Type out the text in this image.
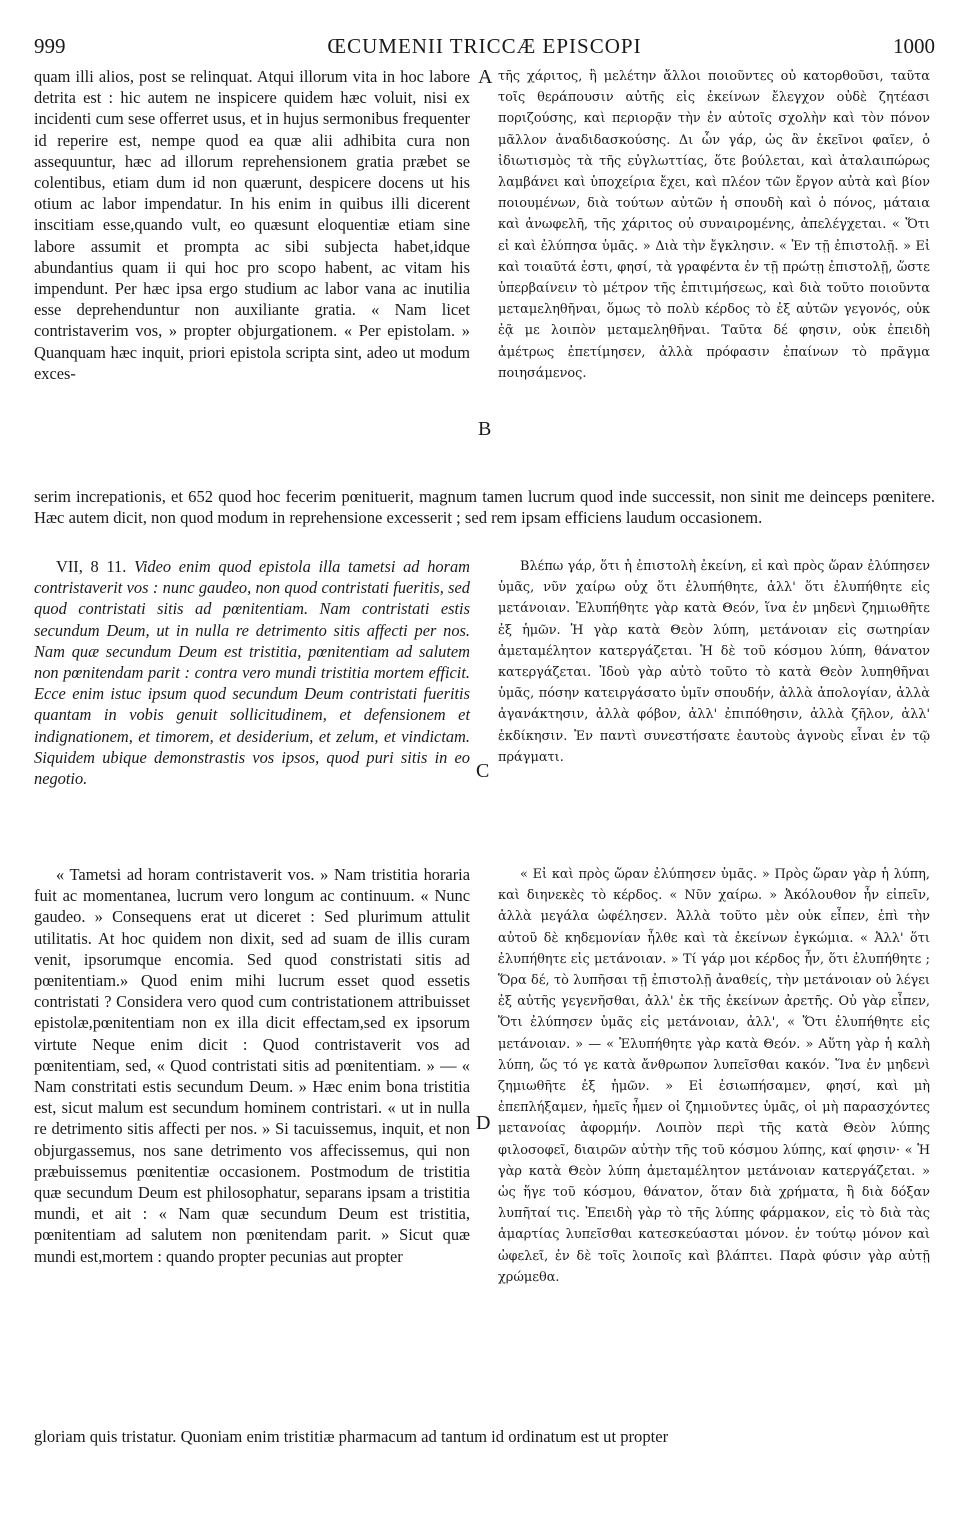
999	ŒCUMENII TRICCÆ EPISCOPI	1000

quam illi alios, post se relinquat. Atqui illorum vita in hoc labore detrita est : hic autem ne inspicere quidem hæc voluit, nisi ex incidenti cum sese offerret usus, et in hujus sermonibus frequenter id reperire est, nempe quod ea quæ alii adhibita cura non assequuntur, hæc ad illorum reprehensionem gratia præbet se colentibus, etiam dum id non quærunt, despicere docens ut his otium ac labor impendatur. In his enim in quibus illi dicerent inscitiam esse,quando vult, eo quæsunt eloquentiæ etiam sine labore assumit et prompta ac sibi subjecta habet,idque abundantius quam ii qui hoc pro scopo habent, ac vitam his impendunt. Per hæc ipsa ergo studium ac labor vana ac inutilia esse deprehenduntur non auxiliante gratia. « Nam licet contristaverim vos, » propter objurgationem. « Per epistolam. » Quanquam hæc inquit, priori epistola scripta sint, adeo ut modum exces-

A
B

τῆς χάριτος, ἣ μελέτην ἄλλοι ποιοῦντες οὐ κατορθοῦσι, ταῦτα τοῖς θεράπουσιν αὐτῆς εἰς ἐκείνων ἔλεγχον οὐδὲ ζητέασι ποριζούσης, καὶ περιορᾷν τὴν ἐν αὐτοῖς σχολὴν καὶ τὸν πόνον μᾶλλον ἀναδιδασκούσης. Δι ὧν γάρ, ὡς ἂν ἐκεῖνοι φαῖεν, ὁ ἰδιωτισμὸς τὰ τῆς εὐγλωττίας, ὅτε βούλεται, καὶ ἀταλαιπώρως λαμβάνει καὶ ὑποχείρια ἔχει, καὶ πλέον τῶν ἔργον αὐτὰ καὶ βίον ποιουμένων, διὰ τούτων αὐτῶν ἡ σπουδὴ καὶ ὁ πόνος, μάταια καὶ ἀνωφελῆ, τῆς χάριτος οὐ συναιρομένης, ἀπελέγχεται. « Ὅτι εἰ καὶ ἐλύπησα ὑμᾶς. » Διὰ τὴν ἔγκλησιν. « Ἐν τῇ ἐπιστολῇ. » Εἰ καὶ τοιαῦτά ἐστι, φησί, τὰ γραφέντα ἐν τῇ πρώτῃ ἐπιστολῇ, ὥστε ὑπερβαίνειν τὸ μέτρον τῆς ἐπιτιμήσεως, καὶ διὰ τοῦτο ποιοῦντα μεταμεληθῆναι, ὅμως τὸ πολὺ κέρδος τὸ ἐξ αὐτῶν γεγονός, οὐκ ἐᾷ με λοιπὸν μεταμεληθῆναι. Ταῦτα δέ φησιν, οὐκ ἐπειδὴ ἀμέτρως ἐπετίμησεν, ἀλλὰ πρόφασιν ἐπαίνων τὸ πρᾶγμα ποιησάμενος.

serim increpationis, et 652 quod hoc fecerim pœnituerit, magnum tamen lucrum quod inde successit, non sinit me deinceps pœnitere. Hæc autem dicit, non quod modum in reprehensione excesserit ; sed rem ipsam efficiens laudum occasionem.

VII, 8 11. Video enim quod epistola illa tametsi ad horam contristaverit vos : nunc gaudeo, non quod contristati fueritis, sed quod contristati sitis ad pœnitentiam. Nam contristati estis secundum Deum, ut in nulla re detrimento sitis affecti per nos. Nam quæ secundum Deum est tristitia, pœnitentiam ad salutem non pœnitendam parit : contra vero mundi tristitia mortem efficit. Ecce enim istuc ipsum quod secundum Deum contristati fueritis quantam in vobis genuit sollicitudinem, et defensionem et indignationem, et timorem, et desiderium, et zelum, et vindictam. Siquidem ubique demonstrastis vos ipsos, quod puri sitis in eo negotio.	C

Βλέπω γάρ, ὅτι ἡ ἐπιστολὴ ἐκείνη, εἰ καὶ πρὸς ὥραν ἐλύπησεν ὑμᾶς, νῦν χαίρω οὐχ ὅτι ἐλυπήθητε, ἀλλ' ὅτι ἐλυπήθητε εἰς μετάνοιαν. Ἐλυπήθητε γὰρ κατὰ Θεόν, ἵνα ἐν μηδενὶ ζημιωθῆτε ἐξ ἡμῶν. Ἡ γὰρ κατὰ Θεὸν λύπη, μετάνοιαν εἰς σωτηρίαν ἀμεταμέλητον κατεργάζεται. Ἡ δὲ τοῦ κόσμου λύπη, θάνατον κατεργάζεται. Ἰδοὺ γὰρ αὐτὸ τοῦτο τὸ κατὰ Θεὸν λυπηθῆναι ὑμᾶς, πόσην κατειργάσατο ὑμῖν σπουδήν, ἀλλὰ ἀπολογίαν, ἀλλὰ ἀγανάκτησιν, ἀλλὰ φόβον, ἀλλ' ἐπιπόθησιν, ἀλλὰ ζῆλον, ἀλλ' ἐκδίκησιν. Ἐν παντὶ συνεστήσατε ἑαυτοὺς ἁγνοὺς εἶναι ἐν τῷ πράγματι.

« Tametsi ad horam contristaverit vos. » Nam tristitia horaria fuit ac momentanea, lucrum vero longum ac continuum. « Nunc gaudeo. » Consequens erat ut diceret : Sed plurimum attulit utilitatis. At hoc quidem non dixit, sed ad suam de illis curam venit, ipsorumque encomia. Sed quod constristati sitis ad pœnitentiam.» Quod enim mihi lucrum esset quod essetis contristati ? Considera vero quod cum contristationem attribuisset epistolæ,pœnitentiam non ex illa dicit effectam,sed ex ipsorum virtute Neque enim dicit : Quod contristaverit vos ad pœnitentiam, sed, « Quod contristati sitis ad pœnitentiam. » — « Nam constritati estis secundum Deum. » Hæc enim bona tristitia est, sicut malum est secundum hominem contristari. « ut in nulla re detrimento sitis affecti per nos. » Si tacuissemus, inquit, et non objurgassemus, nos sane detrimento vos affecissemus, qui non præbuissemus pœnitentiæ occasionem. Postmodum de tristitia quæ secundum Deum est philosophatur, separans ipsam a tristitia mundi, et ait : « Nam quæ secundum Deum est tristitia, pœnitentiam ad salutem non pœnitendam parit. » Sicut quæ mundi est,mortem : quando propter pecunias aut propter

D

« Εἰ καὶ πρὸς ὥραν ἐλύπησεν ὑμᾶς. » Πρὸς ὥραν γὰρ ἡ λύπη, καὶ διηνεκὲς τὸ κέρδος. « Νῦν χαίρω. » Ἀκόλουθον ἦν εἰπεῖν, ἀλλὰ μεγάλα ὠφέλησεν. Ἀλλὰ τοῦτο μὲν οὐκ εἶπεν, ἐπὶ τὴν αὐτοῦ δὲ κηδεμονίαν ἦλθε καὶ τὰ ἐκείνων ἐγκώμια. « Ἀλλ' ὅτι ἐλυπήθητε εἰς μετάνοιαν. » Τί γάρ μοι κέρδος ἦν, ὅτι ἐλυπήθητε ; Ὅρα δέ, τὸ λυπῆσαι τῇ ἐπιστολῇ ἀναθείς, τὴν μετάνοιαν οὐ λέγει ἐξ αὐτῆς γεγενῆσθαι, ἀλλ' ἐκ τῆς ἐκείνων ἀρετῆς. Οὐ γὰρ εἶπεν, Ὅτι ἐλύπησεν ὑμᾶς εἰς μετάνοιαν, ἀλλ', « Ὅτι ἐλυπήθητε εἰς μετάνοιαν. » — « Ἐλυπήθητε γὰρ κατὰ Θεόν. » Αὕτη γὰρ ἡ καλὴ λύπη, ὥς τό γε κατὰ ἄνθρωπον λυπεῖσθαι κακόν. Ἵνα ἐν μηδενὶ ζημιωθῆτε ἐξ ἡμῶν. » Εἰ ἐσιωπήσαμεν, φησί, καὶ μὴ ἐπεπλήξαμεν, ἡμεῖς ἦμεν οἱ ζημιοῦντες ὑμᾶς, οἱ μὴ παρασχόντες μετανοίας ἀφορμήν. Λοιπὸν περὶ τῆς κατὰ Θεὸν λύπης φιλοσοφεῖ, διαιρῶν αὐτὴν τῆς τοῦ κόσμου λύπης, καί φησιν· « Ἡ γὰρ κατὰ Θεὸν λύπη ἀμεταμέλητον μετάνοιαν κατεργάζεται. » ὡς ἥγε τοῦ κόσμου, θάνατον, ὅταν διὰ χρήματα, ἢ διὰ δόξαν λυπῆταί τις. Ἐπειδὴ γὰρ τὸ τῆς λύπης φάρμακον, εἰς τὸ διὰ τὰς ἁμαρτίας λυπεῖσθαι κατεσκεύασται μόνον. ἐν τούτῳ μόνον καὶ ὠφελεῖ, ἐν δὲ τοῖς λοιποῖς καὶ βλάπτει. Παρὰ φύσιν γὰρ αὐτῇ χρώμεθα.

gloriam quis tristatur. Quoniam enim tristitiæ pharmacum ad tantum id ordinatum est ut propter
